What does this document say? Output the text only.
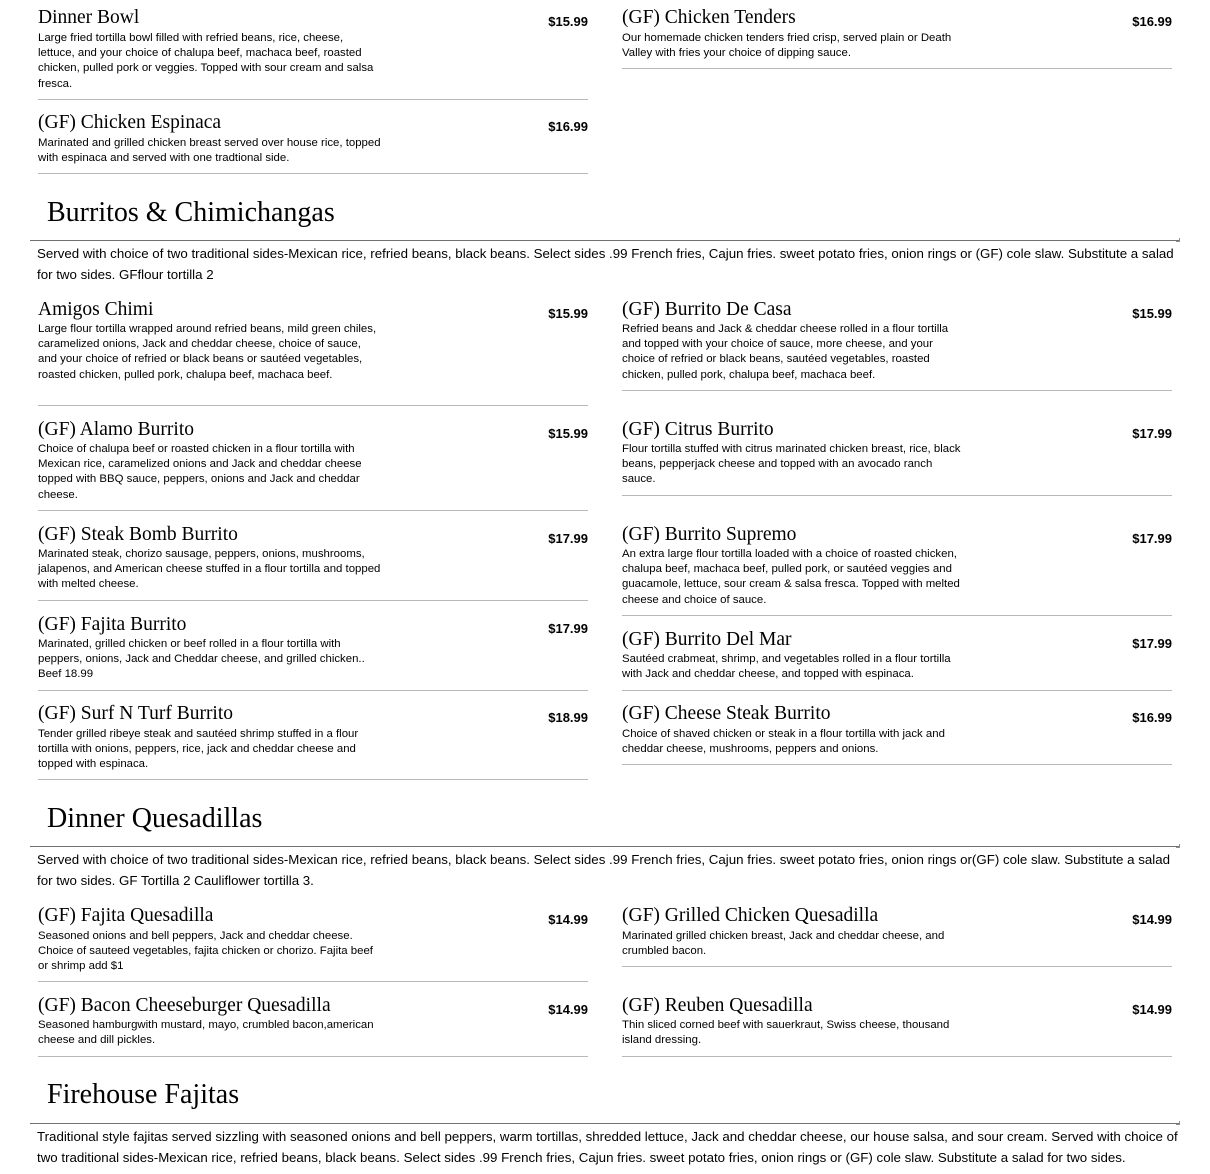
Dinner Bowl	$15.99
Large fried tortilla bowl filled with refried beans, rice, cheese, lettuce, and your choice of chalupa beef, machaca beef, roasted chicken, pulled pork or veggies. Topped with sour cream and salsa fresca.
(GF) Chicken Espinaca	$16.99
Marinated and grilled chicken breast served over house rice, topped with espinaca and served with one tradtional side.
(GF) Chicken Tenders	$16.99
Our homemade chicken tenders fried crisp, served plain or Death Valley with fries your choice of dipping sauce.
Burritos & Chimichangas
Served with choice of two traditional sides-Mexican rice, refried beans, black beans. Select sides .99 French fries, Cajun fries. sweet potato fries, onion rings or (GF) cole slaw. Substitute a salad for two sides. GFflour tortilla 2
Amigos Chimi	$15.99
Large flour tortilla wrapped around refried beans, mild green chiles, caramelized onions, Jack and cheddar cheese, choice of sauce, and your choice of refried or black beans or sautéed vegetables, roasted chicken, pulled pork, chalupa beef, machaca beef.
(GF) Alamo Burrito	$15.99
Choice of chalupa beef or roasted chicken in a flour tortilla with Mexican rice, caramelized onions and Jack and cheddar cheese topped with BBQ sauce, peppers, onions and Jack and cheddar cheese.
(GF) Steak Bomb Burrito	$17.99
Marinated steak, chorizo sausage, peppers, onions, mushrooms, jalapenos, and American cheese stuffed in a flour tortilla and topped with melted cheese.
(GF) Fajita Burrito	$17.99
Marinated, grilled chicken or beef rolled in a flour tortilla with peppers, onions, Jack and Cheddar cheese, and grilled chicken.. Beef 18.99
(GF) Surf N Turf Burrito	$18.99
Tender grilled ribeye steak and sautéed shrimp stuffed in a flour tortilla with onions, peppers, rice, jack and cheddar cheese and topped with espinaca.
(GF) Burrito De Casa	$15.99
Refried beans and Jack & cheddar cheese rolled in a flour tortilla and topped with your choice of sauce, more cheese, and your choice of refried or black beans, sautéed vegetables, roasted chicken, pulled pork, chalupa beef, machaca beef.
(GF) Citrus Burrito	$17.99
Flour tortilla stuffed with citrus marinated chicken breast, rice, black beans, pepperjack cheese and topped with an avocado ranch sauce.
(GF) Burrito Supremo	$17.99
An extra large flour tortilla loaded with a choice of roasted chicken, chalupa beef, machaca beef, pulled pork, or sautéed veggies and guacamole, lettuce, sour cream & salsa fresca. Topped with melted cheese and choice of sauce.
(GF) Burrito Del Mar	$17.99
Sautéed crabmeat, shrimp, and vegetables rolled in a flour tortilla with Jack and cheddar cheese, and topped with espinaca.
(GF) Cheese Steak Burrito	$16.99
Choice of shaved chicken or steak in a flour tortilla with jack and cheddar cheese, mushrooms, peppers and onions.
Dinner Quesadillas
Served with choice of two traditional sides-Mexican rice, refried beans, black beans. Select sides .99 French fries, Cajun fries. sweet potato fries, onion rings or(GF) cole slaw. Substitute a salad for two sides. GF Tortilla 2 Cauliflower tortilla 3.
(GF) Fajita Quesadilla	$14.99
Seasoned onions and bell peppers, Jack and cheddar cheese. Choice of sauteed vegetables, fajita chicken or chorizo. Fajita beef or shrimp add $1
(GF) Bacon Cheeseburger Quesadilla	$14.99
Seasoned hamburgwith mustard, mayo, crumbled bacon,american cheese and dill pickles.
(GF) Grilled Chicken Quesadilla	$14.99
Marinated grilled chicken breast, Jack and cheddar cheese, and crumbled bacon.
(GF) Reuben Quesadilla	$14.99
Thin sliced corned beef with sauerkraut, Swiss cheese, thousand island dressing.
Firehouse Fajitas
Traditional style fajitas served sizzling with seasoned onions and bell peppers, warm tortillas, shredded lettuce, Jack and cheddar cheese, our house salsa, and sour cream. Served with choice of two traditional sides-Mexican rice, refried beans, black beans. Select sides .99 French fries, Cajun fries. sweet potato fries, onion rings or (GF) cole slaw. Substitute a salad for two sides.
